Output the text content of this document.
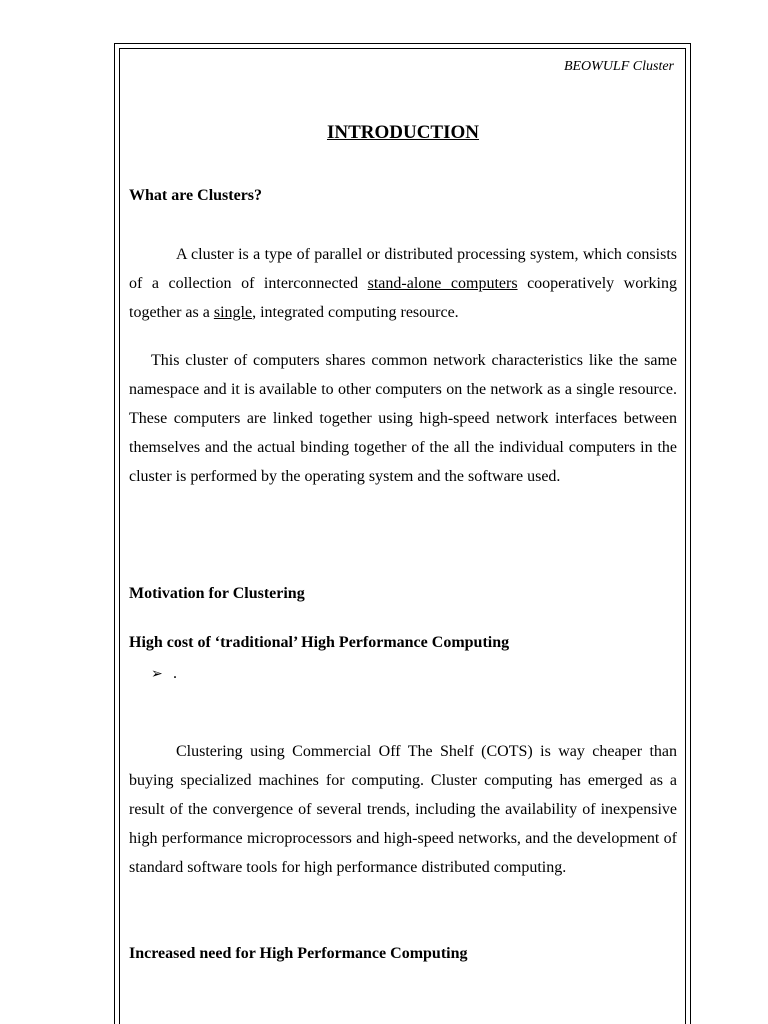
BEOWULF Cluster
INTRODUCTION
What are Clusters?
A cluster is a type of parallel or distributed processing system, which consists of a collection of interconnected stand-alone computers cooperatively working together as a single, integrated computing resource.
This cluster of computers shares common network characteristics like the same namespace and it is available to other computers on the network as a single resource. These computers are linked together using high-speed network interfaces between themselves and the actual binding together of the all the individual computers in the cluster is performed by the operating system and the software used.
Motivation for Clustering
High cost of ‘traditional’ High Performance Computing
➢ .
Clustering using Commercial Off The Shelf (COTS) is way cheaper than buying specialized machines for computing. Cluster computing has emerged as a result of the convergence of several trends, including the availability of inexpensive high performance microprocessors and high-speed networks, and the development of standard software tools for high performance distributed computing.
Increased need for High Performance Computing
